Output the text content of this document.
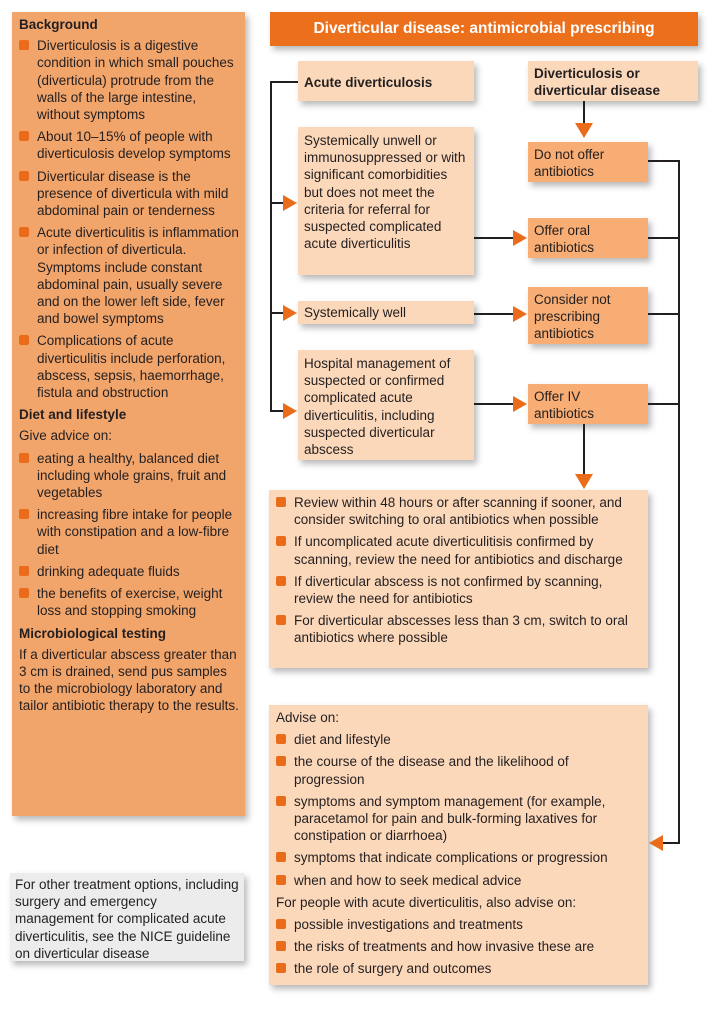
Background
Diverticulosis is a digestive condition in which small pouches (diverticula) protrude from the walls of the large intestine, without symptoms
About 10–15% of people with diverticulosis develop symptoms
Diverticular disease is the presence of diverticula with mild abdominal pain or tenderness
Acute diverticulitis is inflammation or infection of diverticula. Symptoms include constant abdominal pain, usually severe and on the lower left side, fever and bowel symptoms
Complications of acute diverticulitis include perforation, abscess, sepsis, haemorrhage, fistula and obstruction
Diet and lifestyle

Give advice on:

eating a healthy, balanced diet including whole grains, fruit and vegetables
increasing fibre intake for people with constipation and a low-fibre diet
drinking adequate fluids
the benefits of exercise, weight loss and stopping smoking
Microbiological testing

If a diverticular abscess greater than 3 cm is drained, send pus samples to the microbiology laboratory and tailor antibiotic therapy to the results.

For other treatment options, including surgery and emergency management for complicated acute diverticulitis, see the NICE guideline on diverticular disease
Diverticular disease: antimicrobial prescribing
Acute diverticulosis
Diverticulosis or diverticular disease
Systemically unwell or immunosuppressed or with significant comorbidities but does not meet the criteria for referral for suspected complicated acute diverticulitis
Systemically well
Hospital management of suspected or confirmed complicated acute diverticulitis, including suspected diverticular abscess
Do not offer antibiotics
Offer oral antibiotics
Consider not prescribing antibiotics
Offer IV antibiotics
Review within 48 hours or after scanning if sooner, and consider switching to oral antibiotics when possible
If uncomplicated acute diverticulitisis confirmed by scanning, review the need for antibiotics and discharge
If diverticular abscess is not confirmed by scanning, review the need for antibiotics
For diverticular abscesses less than 3 cm, switch to oral antibiotics where possible

Advise on:

diet and lifestyle
the course of the disease and the likelihood of progression
symptoms and symptom management (for example, paracetamol for pain and bulk-forming laxatives for constipation or diarrhoea)
symptoms that indicate complications or progression
when and how to seek medical advice

For people with acute diverticulitis, also advise on:

possible investigations and treatments
the risks of treatments and how invasive these are
the role of surgery and outcomes
